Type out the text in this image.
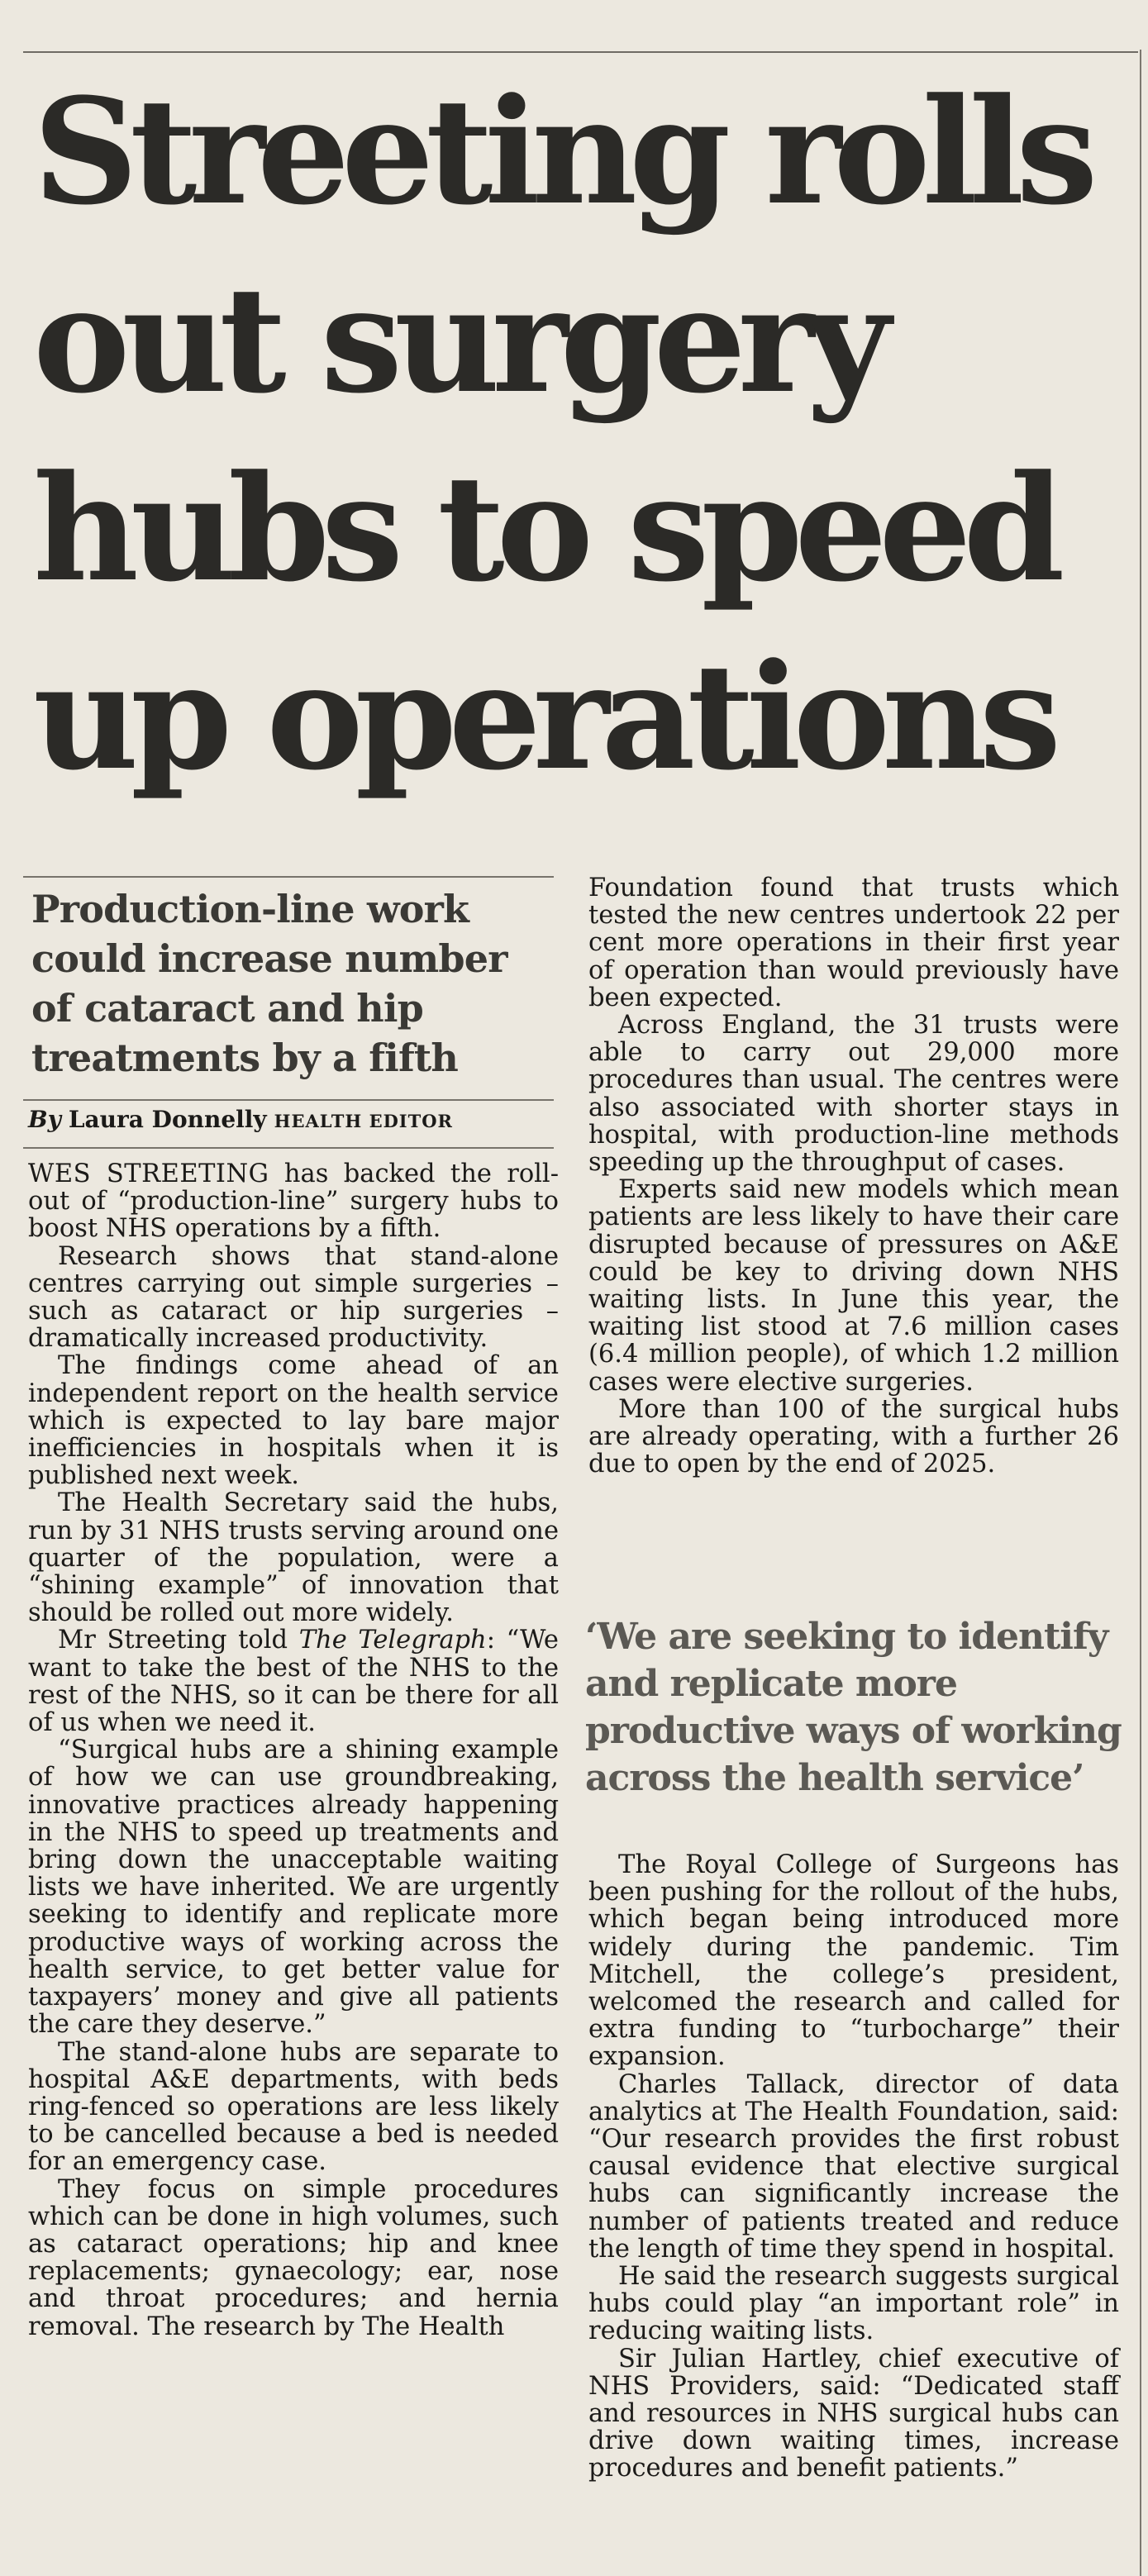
Streeting rolls
out surgery
hubs to speed
up operations
Production-line work
could increase number
of cataract and hip
treatments by a fifth
By Laura Donnelly HEALTH EDITOR

WES STREETING has backed the roll-out of “production-line” surgery hubs to boost NHS operations by a fifth.

Research shows that stand-alone centres carrying out simple surgeries – such as cataract or hip surgeries – dramatically increased productivity.

The findings come ahead of an independent report on the health service which is expected to lay bare major inefficiencies in hospitals when it is published next week.

The Health Secretary said the hubs, run by 31 NHS trusts serving around one quarter of the population, were a “shining example” of innovation that should be rolled out more widely.

Mr Streeting told The Telegraph: “We want to take the best of the NHS to the rest of the NHS, so it can be there for all of us when we need it.

“Surgical hubs are a shining example of how we can use groundbreaking, innovative practices already happening in the NHS to speed up treatments and bring down the unacceptable waiting lists we have inherited. We are urgently seeking to identify and replicate more productive ways of working across the health service, to get better value for taxpayers’ money and give all patients the care they deserve.”

The stand-alone hubs are separate to hospital A&E departments, with beds ring-fenced so operations are less likely to be cancelled because a bed is needed for an emergency case.

They focus on simple procedures which can be done in high volumes, such as cataract operations; hip and knee replacements; gynaecology; ear, nose and throat procedures; and hernia removal. The research by The Health

Foundation found that trusts which tested the new centres undertook 22 per cent more operations in their first year of operation than would previously have been expected.

Across England, the 31 trusts were able to carry out 29,000 more procedures than usual. The centres were also associated with shorter stays in hospital, with production-line methods speeding up the throughput of cases.

Experts said new models which mean patients are less likely to have their care disrupted because of pressures on A&E could be key to driving down NHS waiting lists. In June this year, the waiting list stood at 7.6 million cases (6.4 million people), of which 1.2 million cases were elective surgeries.

More than 100 of the surgical hubs are already operating, with a further 26 due to open by the end of 2025.

‘We are seeking to identify
and replicate more
productive ways of working
across the health service’

The Royal College of Surgeons has been pushing for the rollout of the hubs, which began being introduced more widely during the pandemic. Tim Mitchell, the college’s president, welcomed the research and called for extra funding to “turbocharge” their expansion.

Charles Tallack, director of data analytics at The Health Foundation, said: “Our research provides the first robust causal evidence that elective surgical hubs can significantly increase the number of patients treated and reduce the length of time they spend in hospital.

He said the research suggests surgical hubs could play “an important role” in reducing waiting lists.

Sir Julian Hartley, chief executive of NHS Providers, said: “Dedicated staff and resources in NHS surgical hubs can drive down waiting times, increase procedures and benefit patients.”
